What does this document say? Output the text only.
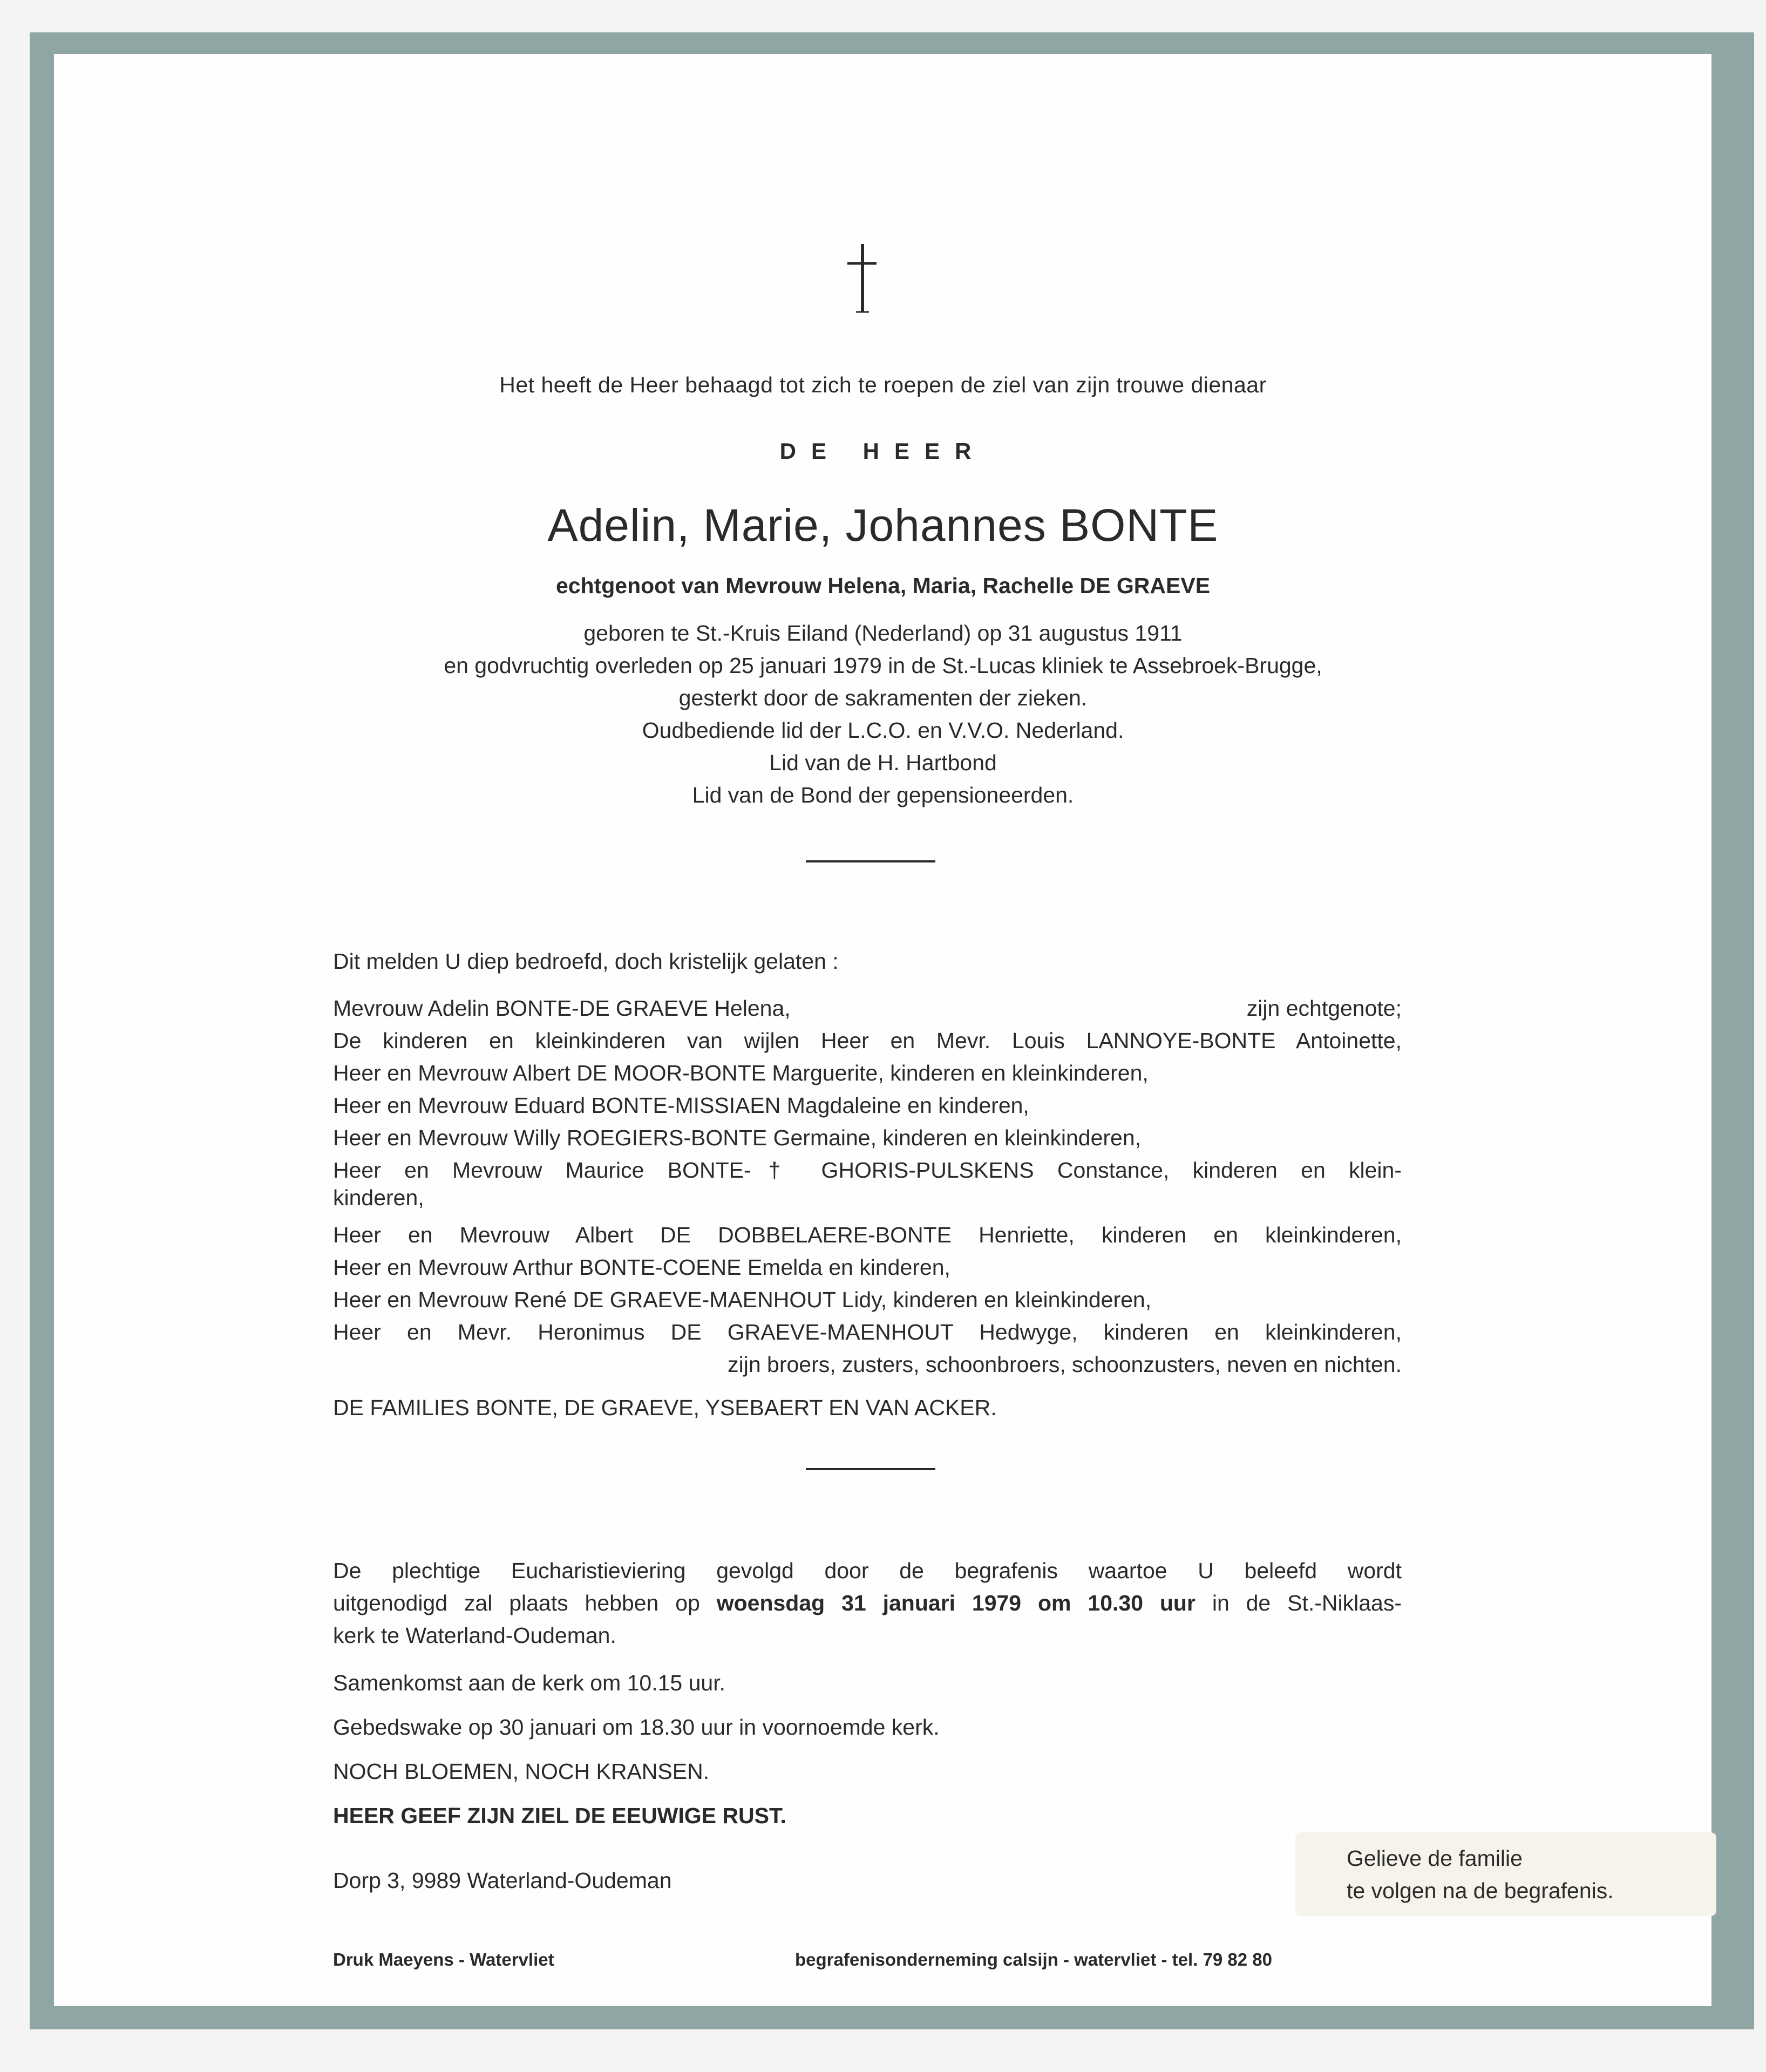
Het heeft de Heer behaagd tot zich te roepen de ziel van zijn trouwe dienaar
DE HEER
Adelin, Marie, Johannes BONTE
echtgenoot van Mevrouw Helena, Maria, Rachelle DE GRAEVE
geboren te St.-Kruis Eiland (Nederland) op 31 augustus 1911
en godvruchtig overleden op 25 januari 1979 in de St.-Lucas kliniek te Assebroek-Brugge,
gesterkt door de sakramenten der zieken.
Oudbediende lid der L.C.O. en V.V.O. Nederland.
Lid van de H. Hartbond
Lid van de Bond der gepensioneerden.
Dit melden U diep bedroefd, doch kristelijk gelaten :
Mevrouw Adelin BONTE-DE GRAEVE Helena,	zijn echtgenote;
De kinderen en kleinkinderen van wijlen Heer en Mevr. Louis LANNOYE-BONTE Antoinette,
Heer en Mevrouw Albert DE MOOR-BONTE Marguerite, kinderen en kleinkinderen,
Heer en Mevrouw Eduard BONTE-MISSIAEN Magdaleine en kinderen,
Heer en Mevrouw Willy ROEGIERS-BONTE Germaine, kinderen en kleinkinderen,
Heer en Mevrouw Maurice BONTE-† GHORIS-PULSKENS Constance, kinderen en klein-
kinderen,
Heer en Mevrouw Albert DE DOBBELAERE-BONTE Henriette, kinderen en kleinkinderen,
Heer en Mevrouw Arthur BONTE-COENE Emelda en kinderen,
Heer en Mevrouw René DE GRAEVE-MAENHOUT Lidy, kinderen en kleinkinderen,
Heer en Mevr. Heronimus DE GRAEVE-MAENHOUT Hedwyge, kinderen en kleinkinderen,
zijn broers, zusters, schoonbroers, schoonzusters, neven en nichten.
DE FAMILIES BONTE, DE GRAEVE, YSEBAERT EN VAN ACKER.
De plechtige Eucharistieviering gevolgd door de begrafenis waartoe U beleefd wordt
uitgenodigd zal plaats hebben op woensdag 31 januari 1979 om 10.30 uur in de St.-Niklaas-
kerk te Waterland-Oudeman.
Samenkomst aan de kerk om 10.15 uur.
Gebedswake op 30 januari om 18.30 uur in voornoemde kerk.
NOCH BLOEMEN, NOCH KRANSEN.
HEER GEEF ZIJN ZIEL DE EEUWIGE RUST.
Dorp 3, 9989 Waterland-Oudeman
Gelieve de familie
te volgen na de begrafenis.
Druk Maeyens - Watervliet	begrafenisonderneming calsijn - watervliet - tel. 79 82 80
